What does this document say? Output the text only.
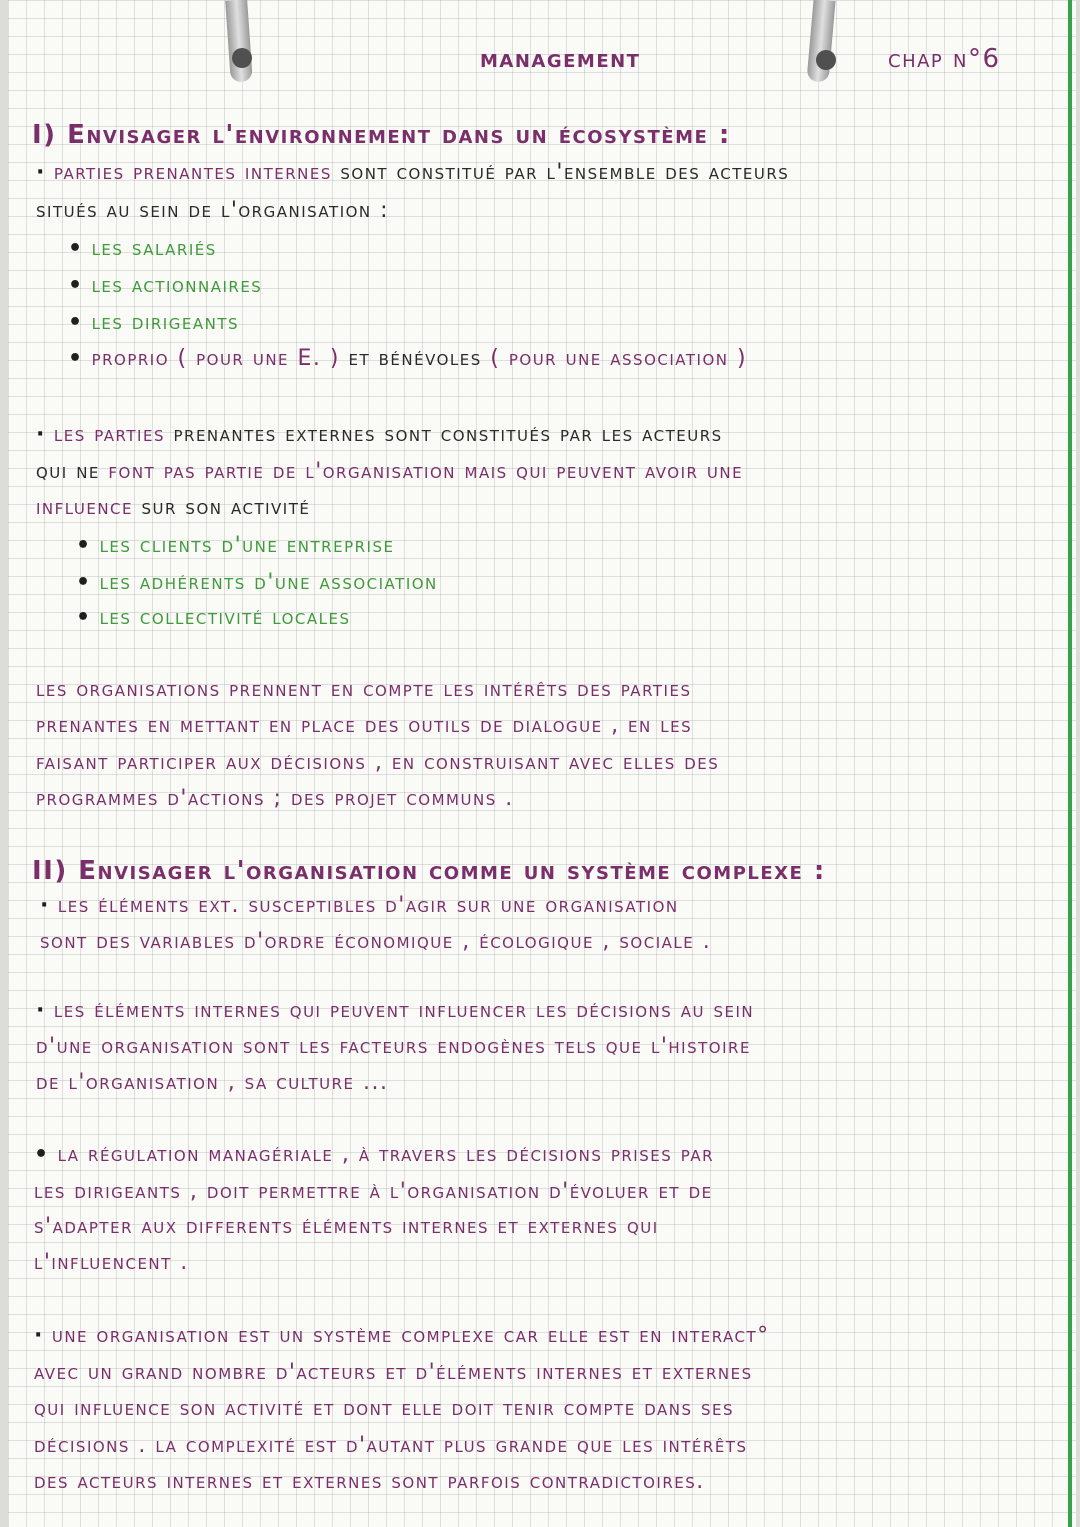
management	chap n°6
I) Envisager l'environnement dans un écosystème :
· parties prenantes internes sont constitué par l'ensemble des acteurs
situés au sein de l'organisation :
• les salariés
• les actionnaires
• les dirigeants
• proprio ( pour une E. ) et bénévoles ( pour une association )
· les parties prenantes externes sont constitués par les acteurs
qui ne font pas partie de l'organisation mais qui peuvent avoir une
influence sur son activité
• les clients d'une entreprise
• les adhérents d'une association
• les collectivité locales
les organisations prennent en compte les intérêts des parties
prenantes en mettant en place des outils de dialogue , en les
faisant participer aux décisions , en construisant avec elles des
programmes d'actions ; des projet communs .
II) Envisager l'organisation comme un système complexe :
· les éléments ext. susceptibles d'agir sur une organisation
sont des variables d'ordre économique , écologique , sociale .
· les éléments internes qui peuvent influencer les décisions au sein
d'une organisation sont les facteurs endogènes tels que l'histoire
de l'organisation , sa culture ...
• la régulation managériale , à travers les décisions prises par
les dirigeants , doit permettre à l'organisation d'évoluer et de
s'adapter aux differents éléments internes et externes qui
l'influencent .
· une organisation est un système complexe car elle est en interact°
avec un grand nombre d'acteurs et d'éléments internes et externes
qui influence son activité et dont elle doit tenir compte dans ses
décisions . la complexité est d'autant plus grande que les intérêts
des acteurs internes et externes sont parfois contradictoires.
